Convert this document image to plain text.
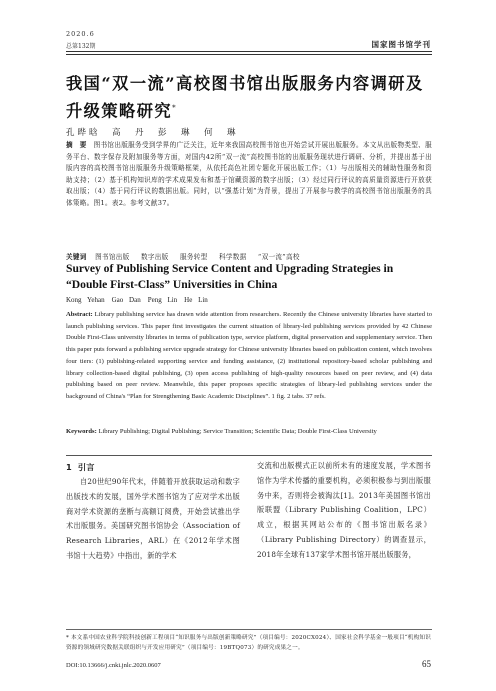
2020.6
总第132期	国家图书馆学刊
我国“双一流”高校图书馆出版服务内容调研及升级策略研究*
孔晔晗　高　丹　彭　琳　何　琳
摘　要　 图书馆出版服务受到学界的广泛关注，近年来我国高校图书馆也开始尝试开展出版服务。本文从出版物类型、服务平台、数字保存及附加服务等方面，对国内42所“双一流”高校图书馆的出版服务现状进行调研、分析，并提出基于出版内容的高校图书馆出版服务升级策略框架，从依托高色社团专题化开展出版工作；（1）与出版相关的辅助性服务和资助支持；（2）基于机构知识库的学术成果发布和基于馆藏资源的数字出版；（3）经过同行评议的高质量资源进行开放获取出版；（4）基于同行评议的数据出版。同时，以“强基计划”为背景，提出了开展参与教学的高校图书馆出版服务的具体策略。图1。表2。参考文献37。
关键词 图书馆出版 数字出版 服务转型 科学数据 “双一流”高校
Survey of Publishing Service Content and Upgrading Strategies in “Double First-Class” Universities in China
Kong Yehan　Gao Dan　Peng Lin　He Lin
Abstract: Library publishing service has drawn wide attention from researchers. Recently the Chinese university libraries have started to launch publishing services. This paper first investigates the current situation of library-led publishing services provided by 42 Chinese Double First-Class university libraries in terms of publication type, service platform, digital preservation and supplementary service. Then this paper puts forward a publishing service upgrade strategy for Chinese university libraries based on publication content, which involves four tiers: (1) publishing-related supporting service and funding assistance, (2) institutional repository-based scholar publishing and library collection-based digital publishing, (3) open access publishing of high-quality resources based on peer review, and (4) data publishing based on peer review. Meanwhile, this paper proposes specific strategies of library-led publishing services under the background of China's “Plan for Strengthening Basic Academic Disciplines”. 1 fig. 2 tabs. 37 refs.
Keywords: Library Publishing; Digital Publishing; Service Transition; Scientific Data; Double First-Class University
1 引言
自20世纪90年代末，伴随着开放获取运动和数字出版技术的发展，国外学术图书馆为了应对学术出版商对学术资源的垄断与高额订阅费，开始尝试推出学术出版服务。美国研究图书馆协会（Association of Research Libraries，ARL）在《2012年学术图书馆十大趋势》中指出，新的学术
交流和出版模式正以前所未有的速度发展，学术图书馆作为学术传播的重要机构，必须积极参与到出版服务中来，否则将会被淘汰[1]。2013年美国图书馆出版联盟（Library Publishing Coalition，LPC）成立，根据其网站公布的《图书馆出版名录》（Library Publishing Directory）的调查显示，2018年全球有137家学术图书馆开展出版服务，
* 本文系中国农业科学院科技创新工程项目“知识服务与出版创新策略研究”（项目编号：2020CX024）、国家社会科学基金一般项目“机构知识资源的领域研究数据关联组织与开发应用研究”（项目编号：19BTQ073）的研究成果之一。
DOI:10.13666/j.cnki.jnlc.2020.0607	65
